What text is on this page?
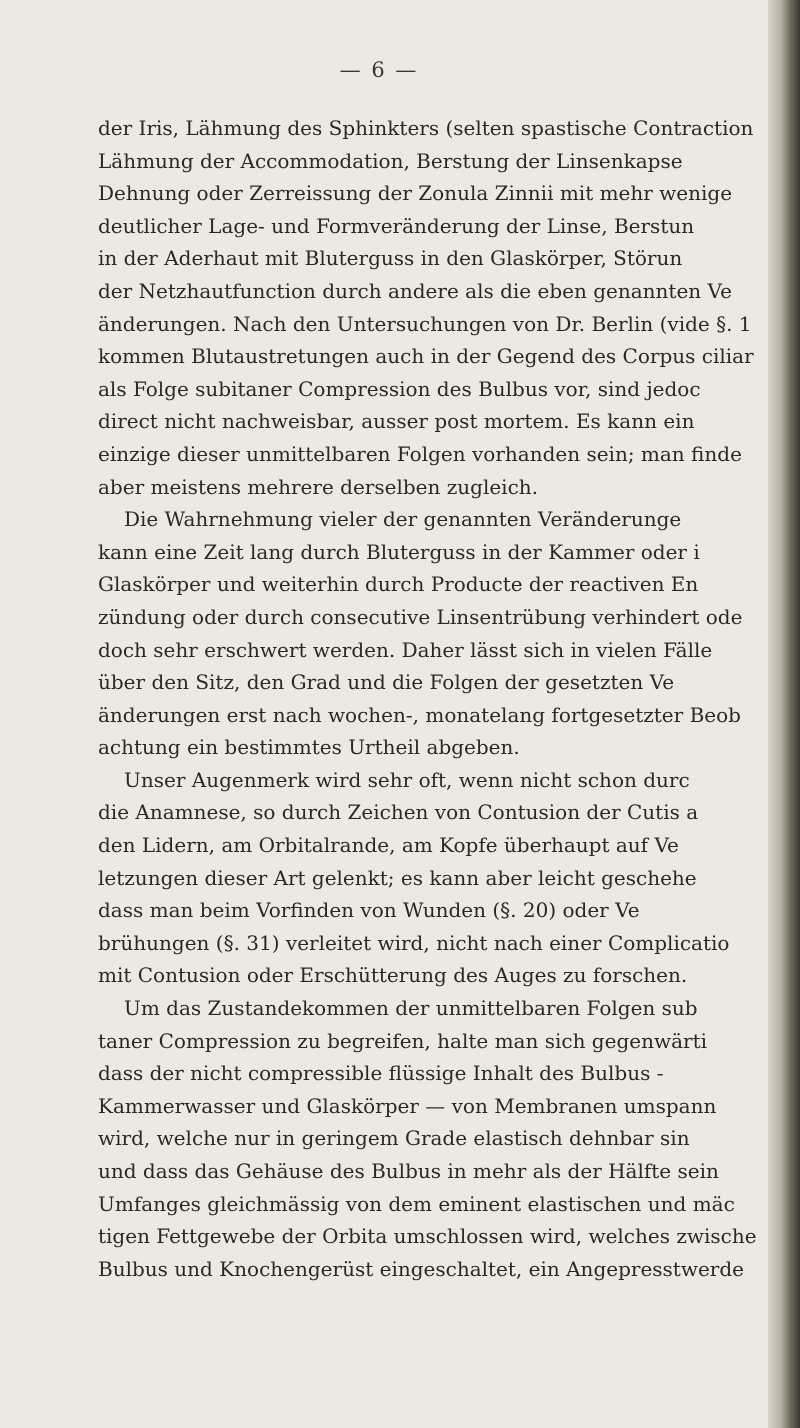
— 6 —
der Iris, Lähmung des Sphinkters (selten spastische Contraction
Lähmung der Accommodation, Berstung der Linsenkapse
Dehnung oder Zerreissung der Zonula Zinnii mit mehr wenige
deutlicher Lage- und Formveränderung der Linse, Berstun
in der Aderhaut mit Bluterguss in den Glaskörper, Störun
der Netzhautfunction durch andere als die eben genannten Ve
änderungen. Nach den Untersuchungen von Dr. Berlin (vide §. 1
kommen Blutaustretungen auch in der Gegend des Corpus ciliar
als Folge subitaner Compression des Bulbus vor, sind jedoc
direct nicht nachweisbar, ausser post mortem. Es kann ein
einzige dieser unmittelbaren Folgen vorhanden sein; man finde
aber meistens mehrere derselben zugleich.
Die Wahrnehmung vieler der genannten Veränderunge
kann eine Zeit lang durch Bluterguss in der Kammer oder i
Glaskörper und weiterhin durch Producte der reactiven En
zündung oder durch consecutive Linsentrübung verhindert ode
doch sehr erschwert werden. Daher lässt sich in vielen Fälle
über den Sitz, den Grad und die Folgen der gesetzten Ve
änderungen erst nach wochen-, monatelang fortgesetzter Beob
achtung ein bestimmtes Urtheil abgeben.
Unser Augenmerk wird sehr oft, wenn nicht schon durc
die Anamnese, so durch Zeichen von Contusion der Cutis a
den Lidern, am Orbitalrande, am Kopfe überhaupt auf Ve
letzungen dieser Art gelenkt; es kann aber leicht geschehe
dass man beim Vorfinden von Wunden (§. 20) oder Ve
brühungen (§. 31) verleitet wird, nicht nach einer Complicatio
mit Contusion oder Erschütterung des Auges zu forschen.
Um das Zustandekommen der unmittelbaren Folgen sub
taner Compression zu begreifen, halte man sich gegenwärti
dass der nicht compressible flüssige Inhalt des Bulbus -
Kammerwasser und Glaskörper — von Membranen umspann
wird, welche nur in geringem Grade elastisch dehnbar sin
und dass das Gehäuse des Bulbus in mehr als der Hälfte sein
Umfanges gleichmässig von dem eminent elastischen und mäc
tigen Fettgewebe der Orbita umschlossen wird, welches zwische
Bulbus und Knochengerüst eingeschaltet, ein Angepresstwerde
